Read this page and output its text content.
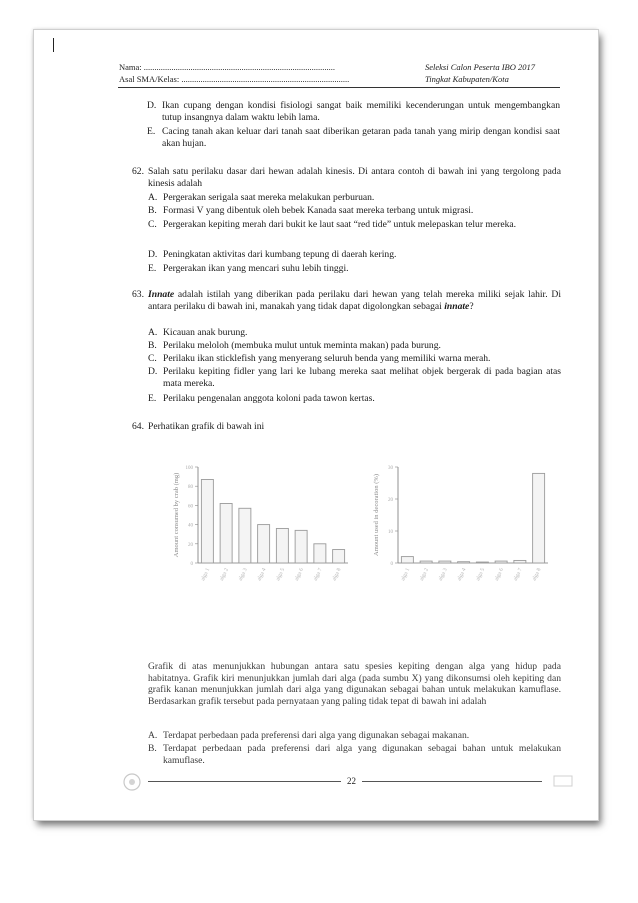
Nama: ..........................................................................................
Asal SMA/Kelas: ...............................................................................
Seleksi Calon Peserta IBO 2017
Tingkat Kabupaten/Kota
D. Ikan cupang dengan kondisi fisiologi sangat baik memiliki kecenderungan untuk mengembangkan tutup insangnya dalam waktu lebih lama.
E. Cacing tanah akan keluar dari tanah saat diberikan getaran pada tanah yang mirip dengan kondisi saat akan hujan.
62. Salah satu perilaku dasar dari hewan adalah kinesis. Di antara contoh di bawah ini yang tergolong pada kinesis adalah
A. Pergerakan serigala saat mereka melakukan perburuan.
B. Formasi V yang dibentuk oleh bebek Kanada saat mereka terbang untuk migrasi.
C. Pergerakan kepiting merah dari bukit ke laut saat “red tide” untuk melepaskan telur mereka.
D. Peningkatan aktivitas dari kumbang tepung di daerah kering.
E. Pergerakan ikan yang mencari suhu lebih tinggi.
63. Innate adalah istilah yang diberikan pada perilaku dari hewan yang telah mereka miliki sejak lahir. Di antara perilaku di bawah ini, manakah yang tidak dapat digolongkan sebagai innate?
A. Kicauan anak burung.
B. Perilaku meloloh (membuka mulut untuk meminta makan) pada burung.
C. Perilaku ikan sticklefish yang menyerang seluruh benda yang memiliki warna merah.
D. Perilaku kepiting fidler yang lari ke lubang mereka saat melihat objek bergerak di pada bagian atas mata mereka.
E. Perilaku pengenalan anggota koloni pada tawon kertas.
64. Perhatikan grafik di bawah ini
100
80
60
40
20
0
Amount consumed by crab (mg)
alga 1 alga 2 alga 3 alga 4 alga 5 alga 6 alga 7 alga 8
30
20
10
0
Amount used in decoration (%)
alga 1 alga 2 alga 3 alga 4 alga 5 alga 6 alga 7 alga 8
Grafik di atas menunjukkan hubungan antara satu spesies kepiting dengan alga yang hidup pada habitatnya. Grafik kiri menunjukkan jumlah dari alga (pada sumbu X) yang dikonsumsi oleh kepiting dan grafik kanan menunjukkan jumlah dari alga yang digunakan sebagai bahan untuk melakukan kamuflase. Berdasarkan grafik tersebut pada pernyataan yang paling tidak tepat di bawah ini adalah
A. Terdapat perbedaan pada preferensi dari alga yang digunakan sebagai makanan.
B. Terdapat perbedaan pada preferensi dari alga yang digunakan sebagai bahan untuk melakukan kamuflase.
22
